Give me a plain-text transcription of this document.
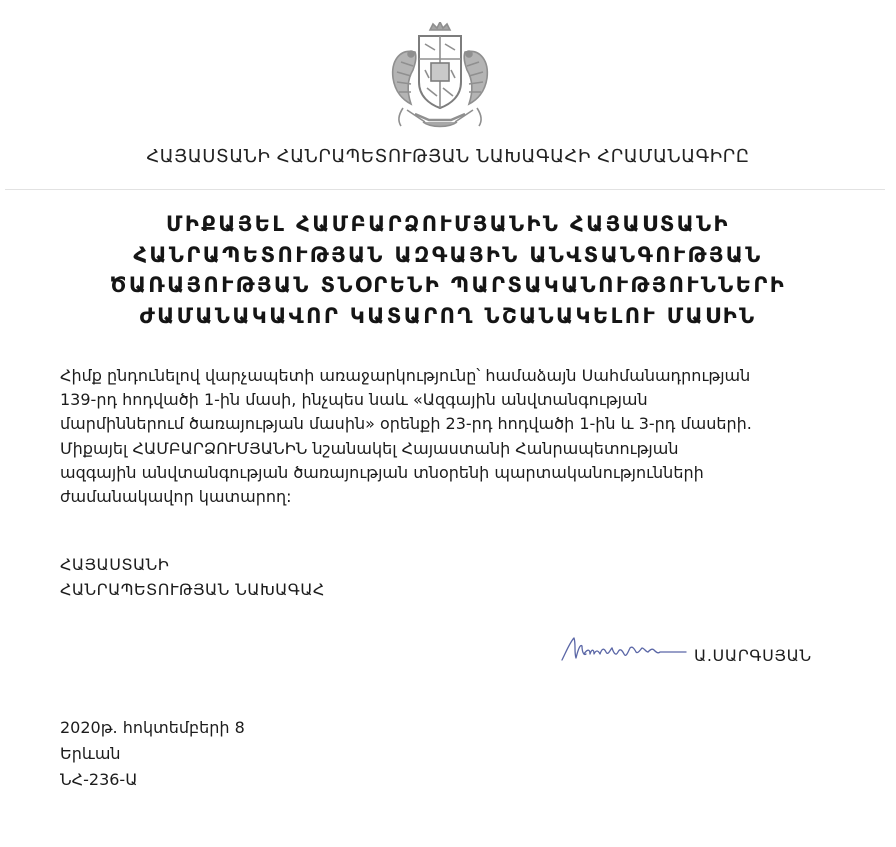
ՀԱՅԱՍՏԱՆԻ ՀԱՆՐԱՊԵՏՈՒԹՅԱՆ ՆԱԽԱԳԱՀԻ ՀՐԱՄԱՆԱԳԻՐԸ
ՄԻՔԱՅԵԼ ՀԱՄԲԱՐՁՈՒՄՅԱՆԻՆ ՀԱՅԱՍՏԱՆԻ
ՀԱՆՐԱՊԵՏՈՒԹՅԱՆ ԱԶԳԱՅԻՆ ԱՆՎՏԱՆԳՈՒԹՅԱՆ
ԾԱՌԱՅՈՒԹՅԱՆ ՏՆՕՐԵՆԻ ՊԱՐՏԱԿԱՆՈՒԹՅՈՒՆՆԵՐԻ
ԺԱՄԱՆԱԿԱՎՈՐ ԿԱՏԱՐՈՂ ՆՇԱՆԱԿԵԼՈՒ ՄԱՍԻՆ
Հիմք ընդունելով վարչապետի առաջարկությունը՝ համաձայն Սահմանադրության
139-րդ հոդվածի 1-ին մասի, ինչպես նաև «Ազգային անվտանգության
մարմիններում ծառայության մասին» օրենքի 23-րդ հոդվածի 1-ին և 3-րդ մասերի.
Միքայել ՀԱՄԲԱՐՁՈՒՄՅԱՆԻՆ նշանակել Հայաստանի Հանրապետության
ազգային անվտանգության ծառայության տնօրենի պարտականությունների
ժամանակավոր կատարող:
ՀԱՅԱՍՏԱՆԻ
ՀԱՆՐԱՊԵՏՈՒԹՅԱՆ ՆԱԽԱԳԱՀ
Ա.ՍԱՐԳՍՅԱՆ
2020թ. հոկտեմբերի 8
Երևան
ՆՀ-236-Ա
